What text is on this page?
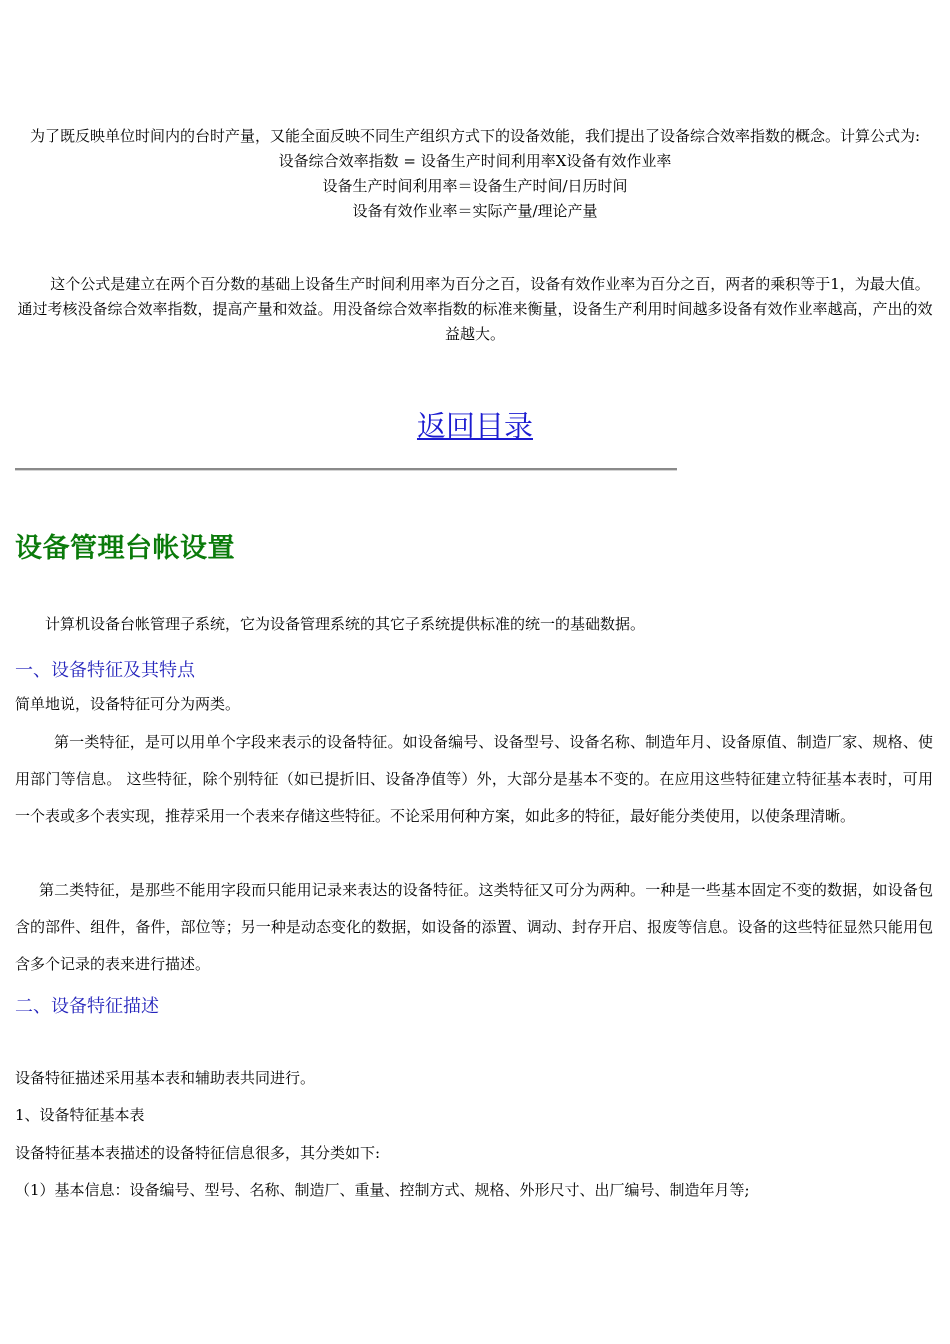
为了既反映单位时间内的台时产量，又能全面反映不同生产组织方式下的设备效能，我们提出了设备综合效率指数的概念。计算公式为:

设备综合效率指数 = 设备生产时间利用率X设备有效作业率

设备生产时间利用率＝设备生产时间/日历时间

设备有效作业率＝实际产量/理论产量

这个公式是建立在两个百分数的基础上设备生产时间利用率为百分之百，设备有效作业率为百分之百，两者的乘积等于1，为最大值。通过考核没备综合效率指数，提高产量和效益。用没备综合效率指数的标准来衡量，设备生产利用时间越多设备有效作业率越高，产出的效益越大。

返回目录
设备管理台帐设置

计算机设备台帐管理子系统，它为设备管理系统的其它子系统提供标准的统一的基础数据。

一、设备特征及其特点

简单地说，设备特征可分为两类。

第一类特征，是可以用单个字段来表示的设备特征。如设备编号、设备型号、设备名称、制造年月、设备原值、制造厂家、规格、使用部门等信息。 这些特征，除个别特征（如已提折旧、设备净值等）外，大部分是基本不变的。在应用这些特征建立特征基本表时，可用一个表或多个表实现，推荐采用一个表来存储这些特征。不论采用何种方案，如此多的特征，最好能分类使用，以使条理清晰。

第二类特征，是那些不能用字段而只能用记录来表达的设备特征。这类特征又可分为两种。一种是一些基本固定不变的数据，如设备包含的部件、组件，备件，部位等；另一种是动态变化的数据，如设备的添置、调动、封存开启、报废等信息。设备的这些特征显然只能用包含多个记录的表来进行描述。

二、设备特征描述

设备特征描述采用基本表和辅助表共同进行。

1、设备特征基本表

设备特征基本表描述的设备特征信息很多，其分类如下:

（1）基本信息：设备编号、型号、名称、制造厂、重量、控制方式、规格、外形尺寸、出厂编号、制造年月等;
